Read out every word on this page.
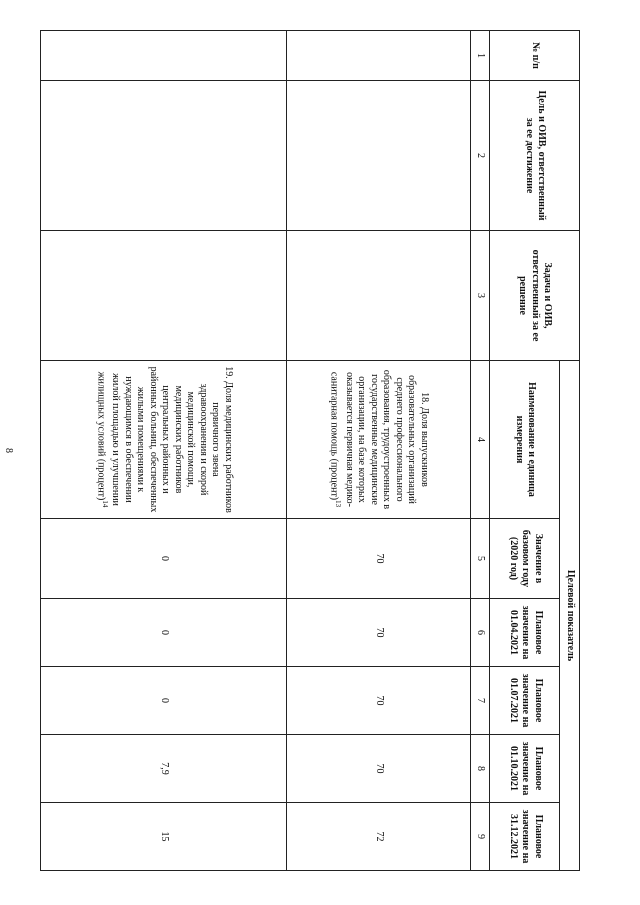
8
№ п/п	Цель и ОИВ, ответственный за ее достижение	Задача и ОИВ, ответственный за ее решение	Целевой показатель					
			Наименование и единица измерения	Значение в базовом году (2020 год)	Плановое значение на 01.04.2021	Плановое значение на 01.07.2021	Плановое значение на 01.10.2021	Плановое значение на 31.12.2021
1	2	3	4	5	6	7	8	9
			18. Доля выпускников образовательных организаций среднего профессионального образования, трудоустроенных в государственные медицинские организации, на базе которых оказывается первичная медико-санитарная помощь (процент)$^{13}$	70	70	70	70	72
			19. Доля медицинских работников первичного звена здравоохранения и скорой медицинской помощи, медицинских работников центральных районных и районных больниц, обеспеченных жилыми помещениями к нуждающимся в обеспечении жилой площадью и улучшении жилищных условий (процент)$^{14}$	0	0	0	7,9	15
